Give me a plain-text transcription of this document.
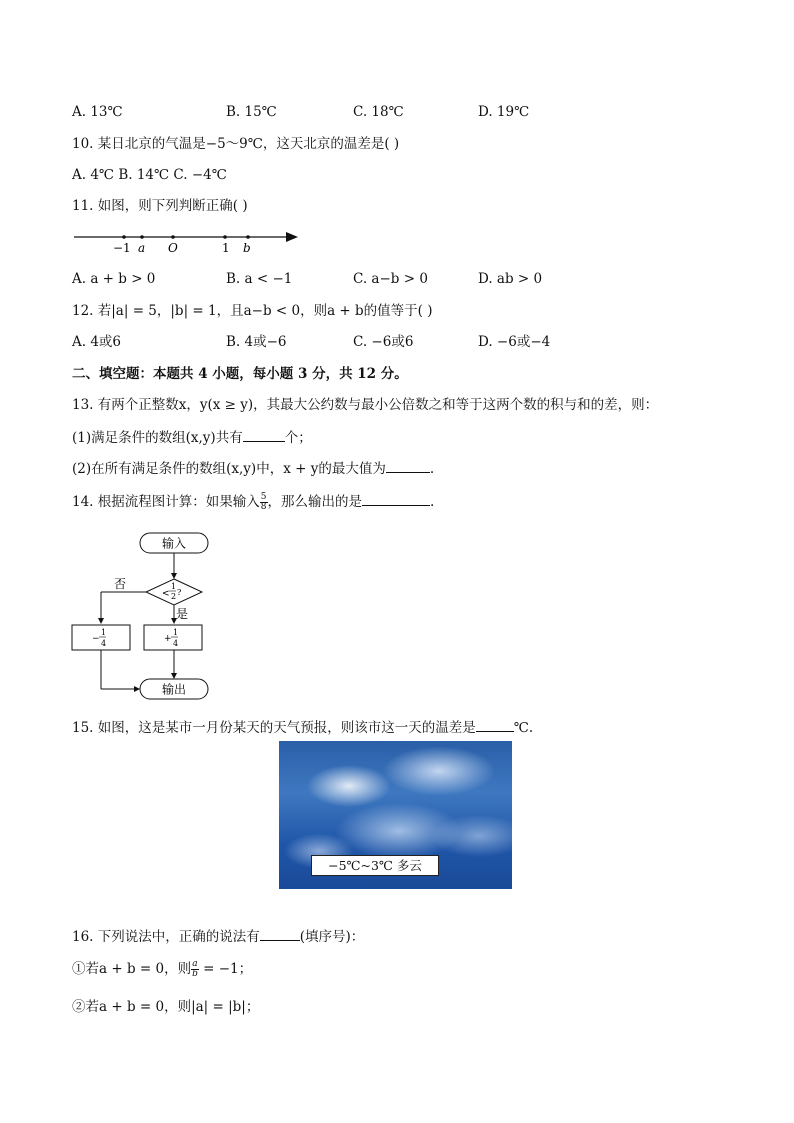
A. 13℃	B. 15℃	C. 18℃	D. 19℃
10. 某日北京的气温是−5～9℃，这天北京的温差是( )
A. 4℃ B. 14℃ C. −4℃
11. 如图，则下列判断正确( )
−1 a O	1 b
A. a + b > 0	B. a < −1	C. a−b > 0	D. ab > 0
12. 若|a| = 5，|b| = 1，且a−b < 0，则a + b的值等于( )
A. 4或6	B. 4或−6	C. −6或6	D. −6或−4
二、填空题：本题共 4 小题，每小题 3 分，共 12 分。
13. 有两个正整数x，y(x ≥ y)，其最大公约数与最小公倍数之和等于这两个数的积与和的差，则：
(1)满足条件的数组(x,y)共有	个；
(2)在所有满足条件的数组(x,y)中，x + y的最大值为	.
14. 根据流程图计算：如果输入 $\frac{5}{8}$ ，那么输出的是	.
输入
<
1
2 ?
否
是
−
1
4	+
1
4
输出
15. 如图，这是某市一月份某天的天气预报，则该市这一天的温差是	℃.
−5℃~3℃ 多云
16. 下列说法中，正确的说法有	(填序号)：
①若a + b = 0，则 $\frac{a}{b} = -1$；
②若a + b = 0，则|a| = |b|；
